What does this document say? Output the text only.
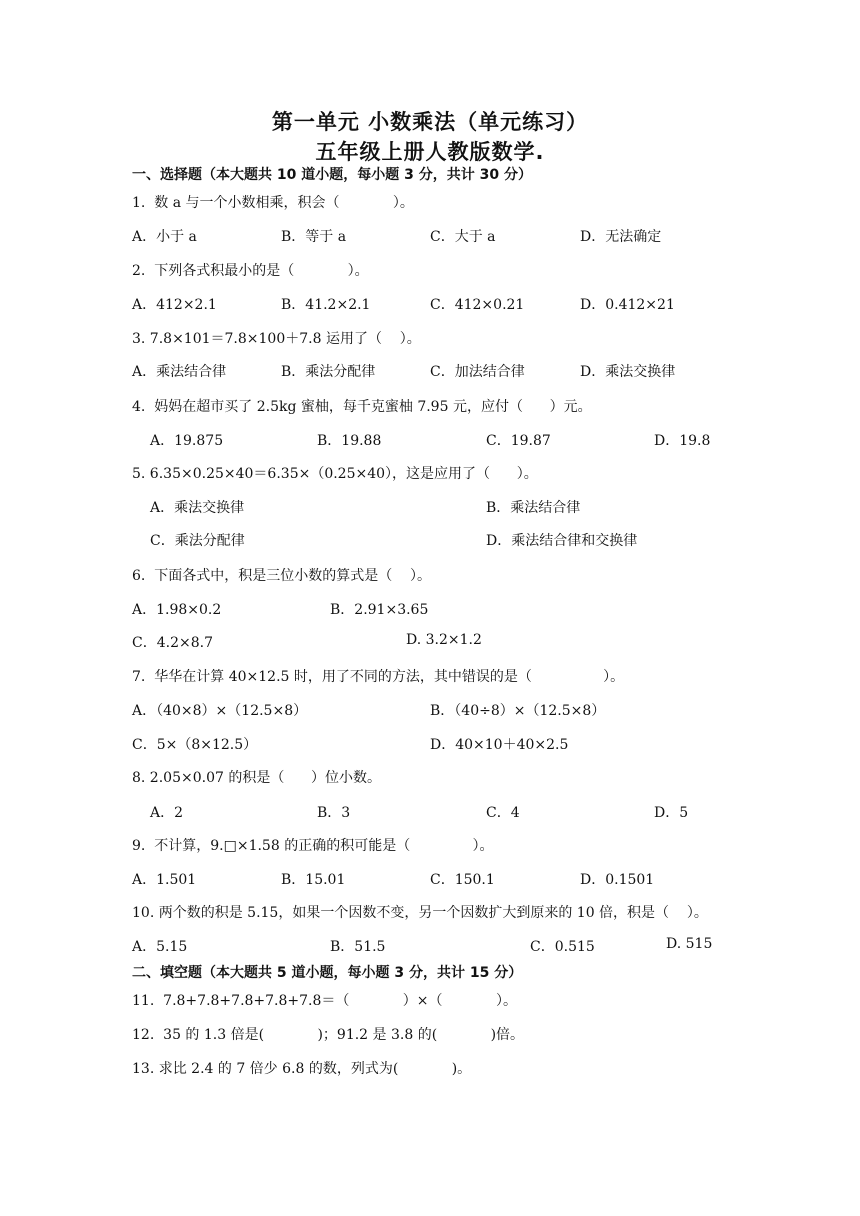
第一单元 小数乘法（单元练习）
五年级上册人教版数学.
一、选择题（本大题共 10 道小题，每小题 3 分，共计 30 分）
1.  数 a 与一个小数相乘，积会（            ）。
A．小于 a	B．等于 a	C．大于 a	D．无法确定
2.  下列各式积最小的是（            ）。
A．412×2.1	B．41.2×2.1	C．412×0.21	D．0.412×21
3. 7.8×101＝7.8×100＋7.8 运用了（    ）。
A．乘法结合律	B．乘法分配律	C．加法结合律	D．乘法交换律
4.  妈妈在超市买了 2.5kg 蜜柚，每千克蜜柚 7.95 元，应付（      ）元。
A．19.875	B．19.88	C．19.87	D．19.8
5. 6.35×0.25×40＝6.35×（0.25×40），这是应用了（      ）。
A．乘法交换律	B．乘法结合律
C．乘法分配律	D．乘法结合律和交换律
6.  下面各式中，积是三位小数的算式是（    ）。
A．1.98×0.2	B．2.91×3.65
C．4.2×8.7	D. 3.2×1.2
7.  华华在计算 40×12.5 时，用了不同的方法，其中错误的是（                ）。
A．（40×8）×（12.5×8）	B．（40÷8）×（12.5×8）
C．5×（8×12.5）	D．40×10＋40×2.5
8. 2.05×0.07 的积是（      ）位小数。
A．2	B．3	C．4	D．5
9.  不计算，9.□×1.58 的正确的积可能是（              ）。
A．1.501	B．15.01	C．150.1	D．0.1501
10. 两个数的积是 5.15，如果一个因数不变，另一个因数扩大到原来的 10 倍，积是（    ）。
A．5.15	B．51.5	C．0.515	D. 515
二、填空题（本大题共 5 道小题，每小题 3 分，共计 15 分）
11.  7.8+7.8+7.8+7.8+7.8＝（            ）×（            ）。
12.  35 的 1.3 倍是(            )；91.2 是 3.8 的(            )倍。
13. 求比 2.4 的 7 倍少 6.8 的数，列式为(            )。
